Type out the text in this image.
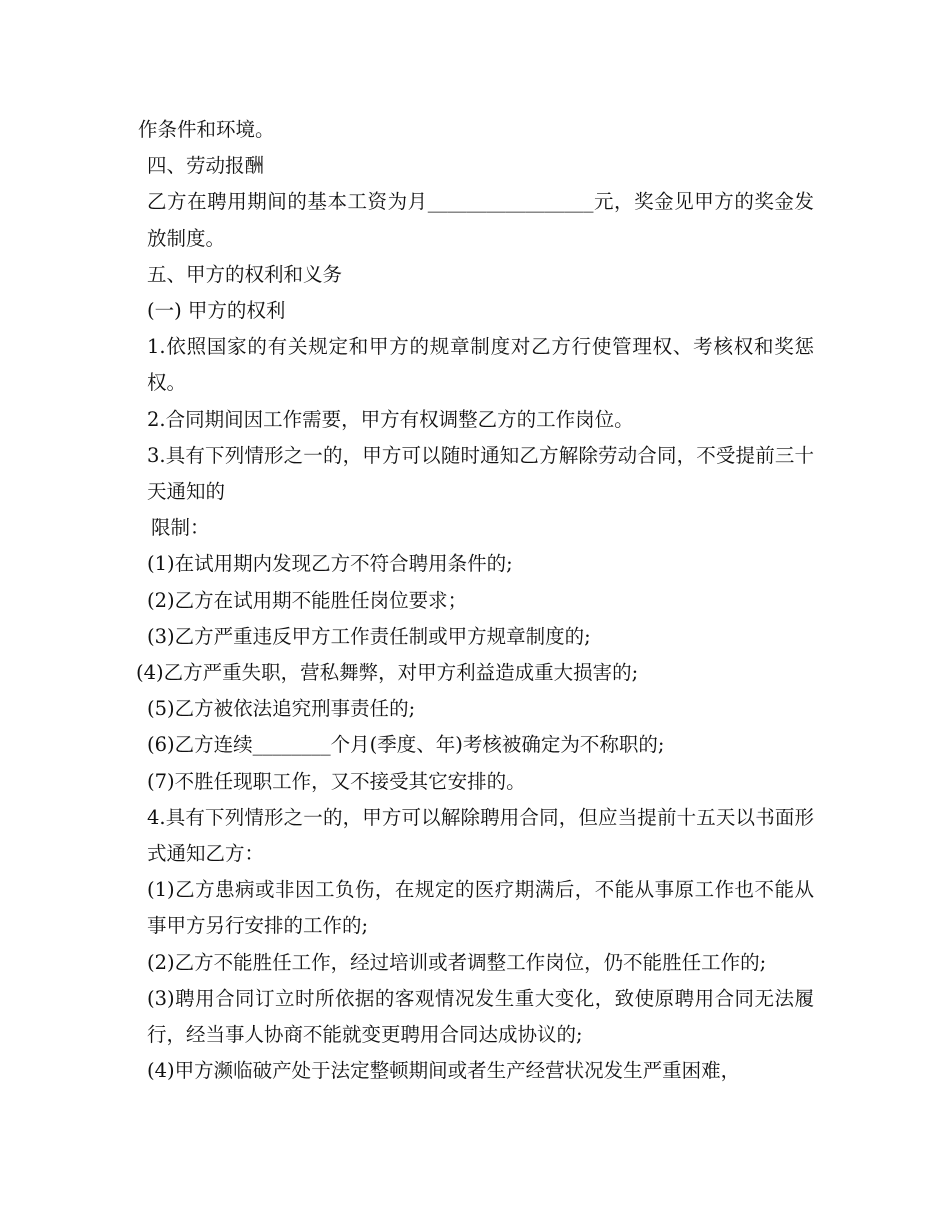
作条件和环境。

四、劳动报酬

乙方在聘用期间的基本工资为月_________________元，奖金见甲方的奖金发放制度。

五、甲方的权利和义务

(一) 甲方的权利

1.依照国家的有关规定和甲方的规章制度对乙方行使管理权、考核权和奖惩权。

2.合同期间因工作需要，甲方有权调整乙方的工作岗位。

3.具有下列情形之一的，甲方可以随时通知乙方解除劳动合同，不受提前三十天通知的

限制：

(1)在试用期内发现乙方不符合聘用条件的;

(2)乙方在试用期不能胜任岗位要求；

(3)乙方严重违反甲方工作责任制或甲方规章制度的;

(4)乙方严重失职，营私舞弊，对甲方利益造成重大损害的;

(5)乙方被依法追究刑事责任的;

(6)乙方连续________个月(季度、年)考核被确定为不称职的;

(7)不胜任现职工作，又不接受其它安排的。

4.具有下列情形之一的，甲方可以解除聘用合同，但应当提前十五天以书面形式通知乙方：

(1)乙方患病或非因工负伤，在规定的医疗期满后，不能从事原工作也不能从事甲方另行安排的工作的;

(2)乙方不能胜任工作，经过培训或者调整工作岗位，仍不能胜任工作的;

(3)聘用合同订立时所依据的客观情况发生重大变化，致使原聘用合同无法履行，经当事人协商不能就变更聘用合同达成协议的;

(4)甲方濒临破产处于法定整顿期间或者生产经营状况发生严重困难，
